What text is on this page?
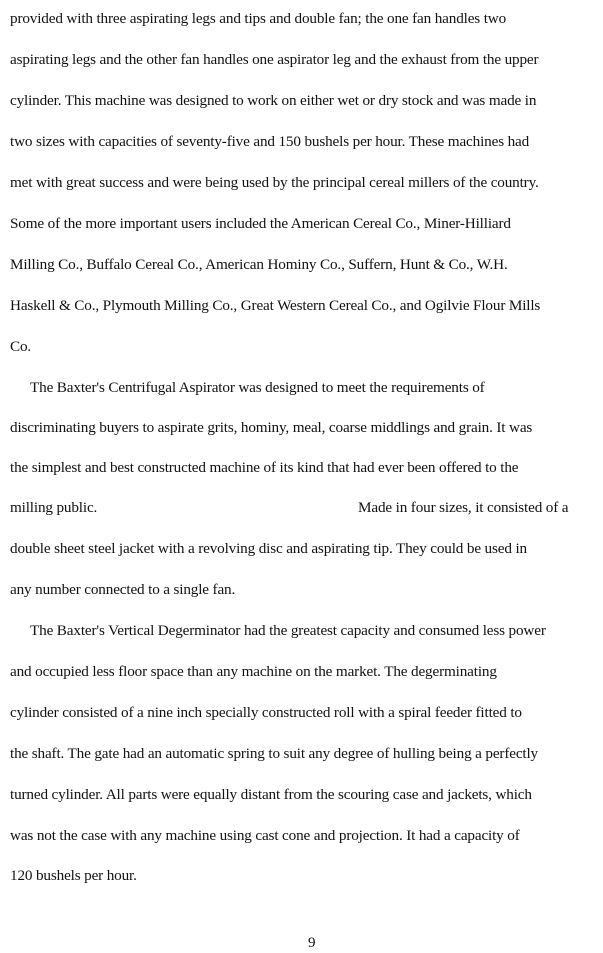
provided with three aspirating legs and tips and double fan; the one fan handles two
aspirating legs and the other fan handles one aspirator leg and the exhaust from the upper
cylinder. This machine was designed to work on either wet or dry stock and was made in
two sizes with capacities of seventy-five and 150 bushels per hour. These machines had
met with great success and were being used by the principal cereal millers of the country.
Some of the more important users included the American Cereal Co., Miner-Hilliard
Milling Co., Buffalo Cereal Co., American Hominy Co., Suffern, Hunt & Co., W.H.
Haskell & Co., Plymouth Milling Co., Great Western Cereal Co., and Ogilvie Flour Mills
Co.
The Baxter's Centrifugal Aspirator was designed to meet the requirements of
discriminating buyers to aspirate grits, hominy, meal, coarse middlings and grain. It was
the simplest and best constructed machine of its kind that had ever been offered to the
milling public.	Made in four sizes, it consisted of a
double sheet steel jacket with a revolving disc and aspirating tip. They could be used in
any number connected to a single fan.
The Baxter's Vertical Degerminator had the greatest capacity and consumed less power
and occupied less floor space than any machine on the market. The degerminating
cylinder consisted of a nine inch specially constructed roll with a spiral feeder fitted to
the shaft. The gate had an automatic spring to suit any degree of hulling being a perfectly
turned cylinder. All parts were equally distant from the scouring case and jackets, which
was not the case with any machine using cast cone and projection. It had a capacity of
120 bushels per hour.
9
